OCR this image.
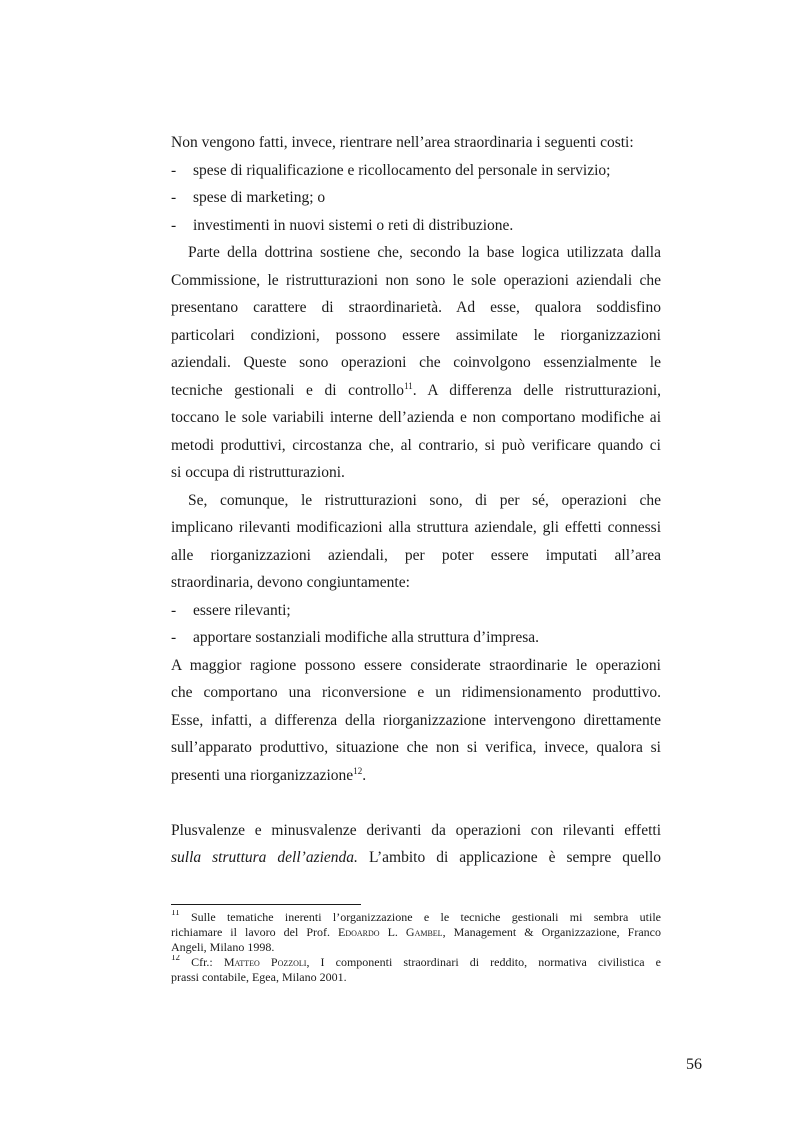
Non vengono fatti, invece, rientrare nell’area straordinaria i seguenti costi:
-	spese di riqualificazione e ricollocamento del personale in servizio;
-	spese di marketing; o
-	investimenti in nuovi sistemi o reti di distribuzione.
Parte della dottrina sostiene che, secondo la base logica utilizzata dalla
Commissione, le ristrutturazioni non sono le sole operazioni aziendali che
presentano carattere di straordinarietà. Ad esse, qualora soddisfino
particolari condizioni, possono essere assimilate le riorganizzazioni
aziendali. Queste sono operazioni che coinvolgono essenzialmente le
tecniche gestionali e di controllo$^{11}$. A differenza delle ristrutturazioni,
toccano le sole variabili interne dell’azienda e non comportano modifiche ai
metodi produttivi, circostanza che, al contrario, si può verificare quando ci
si occupa di ristrutturazioni.
Se, comunque, le ristrutturazioni sono, di per sé, operazioni che
implicano rilevanti modificazioni alla struttura aziendale, gli effetti connessi
alle riorganizzazioni aziendali, per poter essere imputati all’area
straordinaria, devono congiuntamente:
-	essere rilevanti;
-	apportare sostanziali modifiche alla struttura d’impresa.
A maggior ragione possono essere considerate straordinarie le operazioni
che comportano una riconversione e un ridimensionamento produttivo.
Esse, infatti, a differenza della riorganizzazione intervengono direttamente
sull’apparato produttivo, situazione che non si verifica, invece, qualora si
presenti una riorganizzazione$^{12}$.
Plusvalenze e minusvalenze derivanti da operazioni con rilevanti effetti
sulla struttura dell’azienda. L’ambito di applicazione è sempre quello
$^{11}$ Sulle tematiche inerenti l’organizzazione e le tecniche gestionali mi sembra utile
richiamare il lavoro del Prof. Edoardo L. Gambel, Management & Organizzazione, Franco
Angeli, Milano 1998.
$^{12}$ Cfr.: Matteo Pozzoli, I componenti straordinari di reddito, normativa civilistica e
prassi contabile, Egea, Milano 2001.
56
